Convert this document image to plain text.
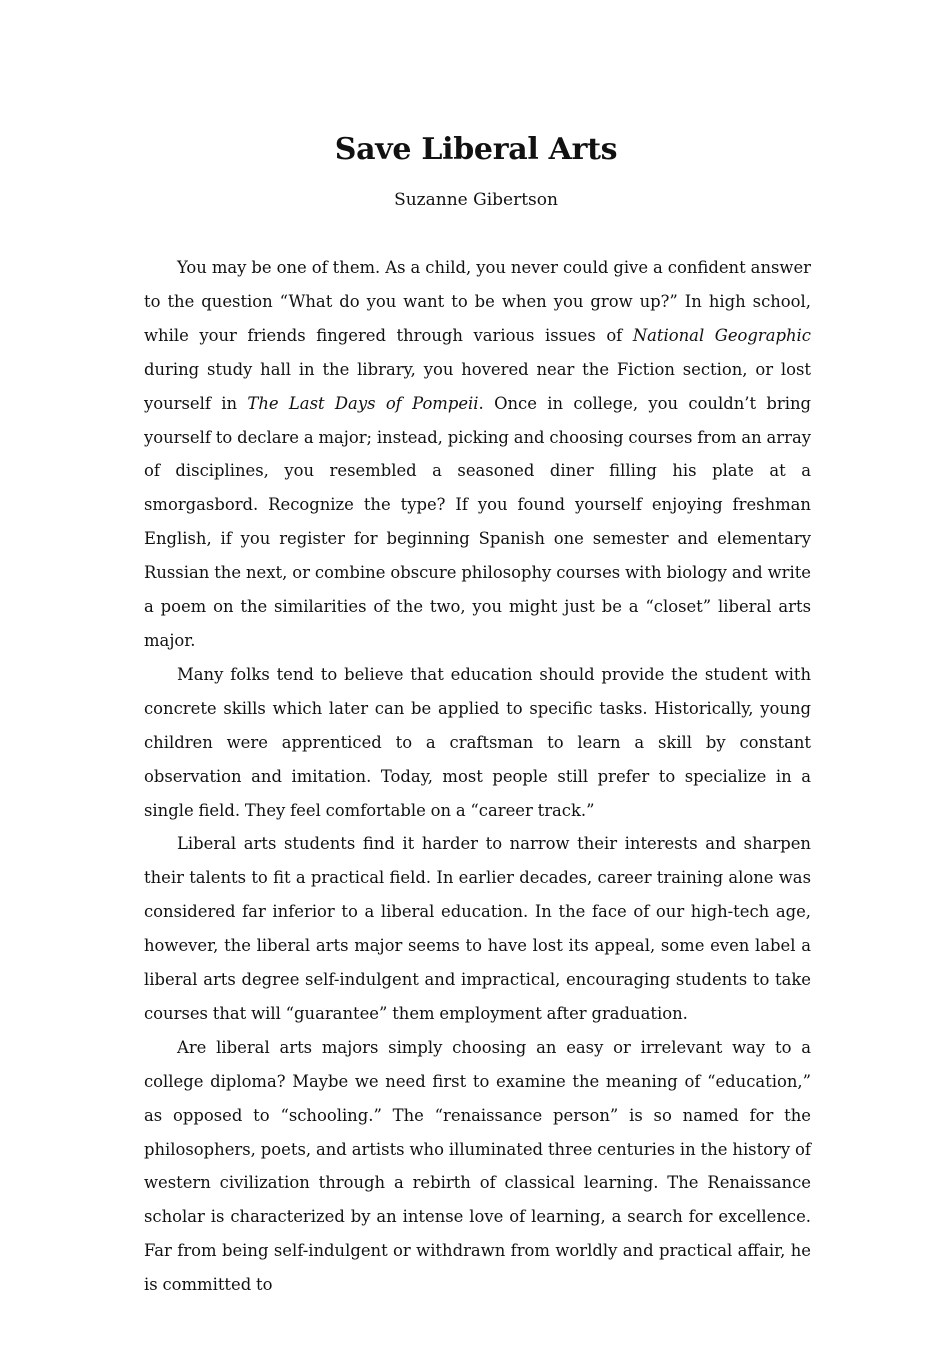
Save Liberal Arts

Suzanne Gibertson

You may be one of them. As a child, you never could give a confident answer to the question “What do you want to be when you grow up?” In high school, while your friends fingered through various issues of National Geographic during study hall in the library, you hovered near the Fiction section, or lost yourself in The Last Days of Pompeii. Once in college, you couldn’t bring yourself to declare a major; instead, picking and choosing courses from an array of disciplines, you resembled a seasoned diner filling his plate at a smorgasbord. Recognize the type? If you found yourself enjoying freshman English, if you register for beginning Spanish one semester and elementary Russian the next, or combine obscure philosophy courses with biology and write a poem on the similarities of the two, you might just be a “closet” liberal arts major.

Many folks tend to believe that education should provide the student with concrete skills which later can be applied to specific tasks. Historically, young children were apprenticed to a craftsman to learn a skill by constant observation and imitation. Today, most people still prefer to specialize in a single field. They feel comfortable on a “career track.”

Liberal arts students find it harder to narrow their interests and sharpen their talents to fit a practical field. In earlier decades, career training alone was considered far inferior to a liberal education. In the face of our high-tech age, however, the liberal arts major seems to have lost its appeal, some even label a liberal arts degree self-indulgent and impractical, encouraging students to take courses that will “guarantee” them employment after graduation.

Are liberal arts majors simply choosing an easy or irrelevant way to a college diploma? Maybe we need first to examine the meaning of “education,” as opposed to “schooling.” The “renaissance person” is so named for the philosophers, poets, and artists who illuminated three centuries in the history of western civilization through a rebirth of classical learning. The Renaissance scholar is characterized by an intense love of learning, a search for excellence. Far from being self-indulgent or withdrawn from worldly and practical affair, he is committed to
